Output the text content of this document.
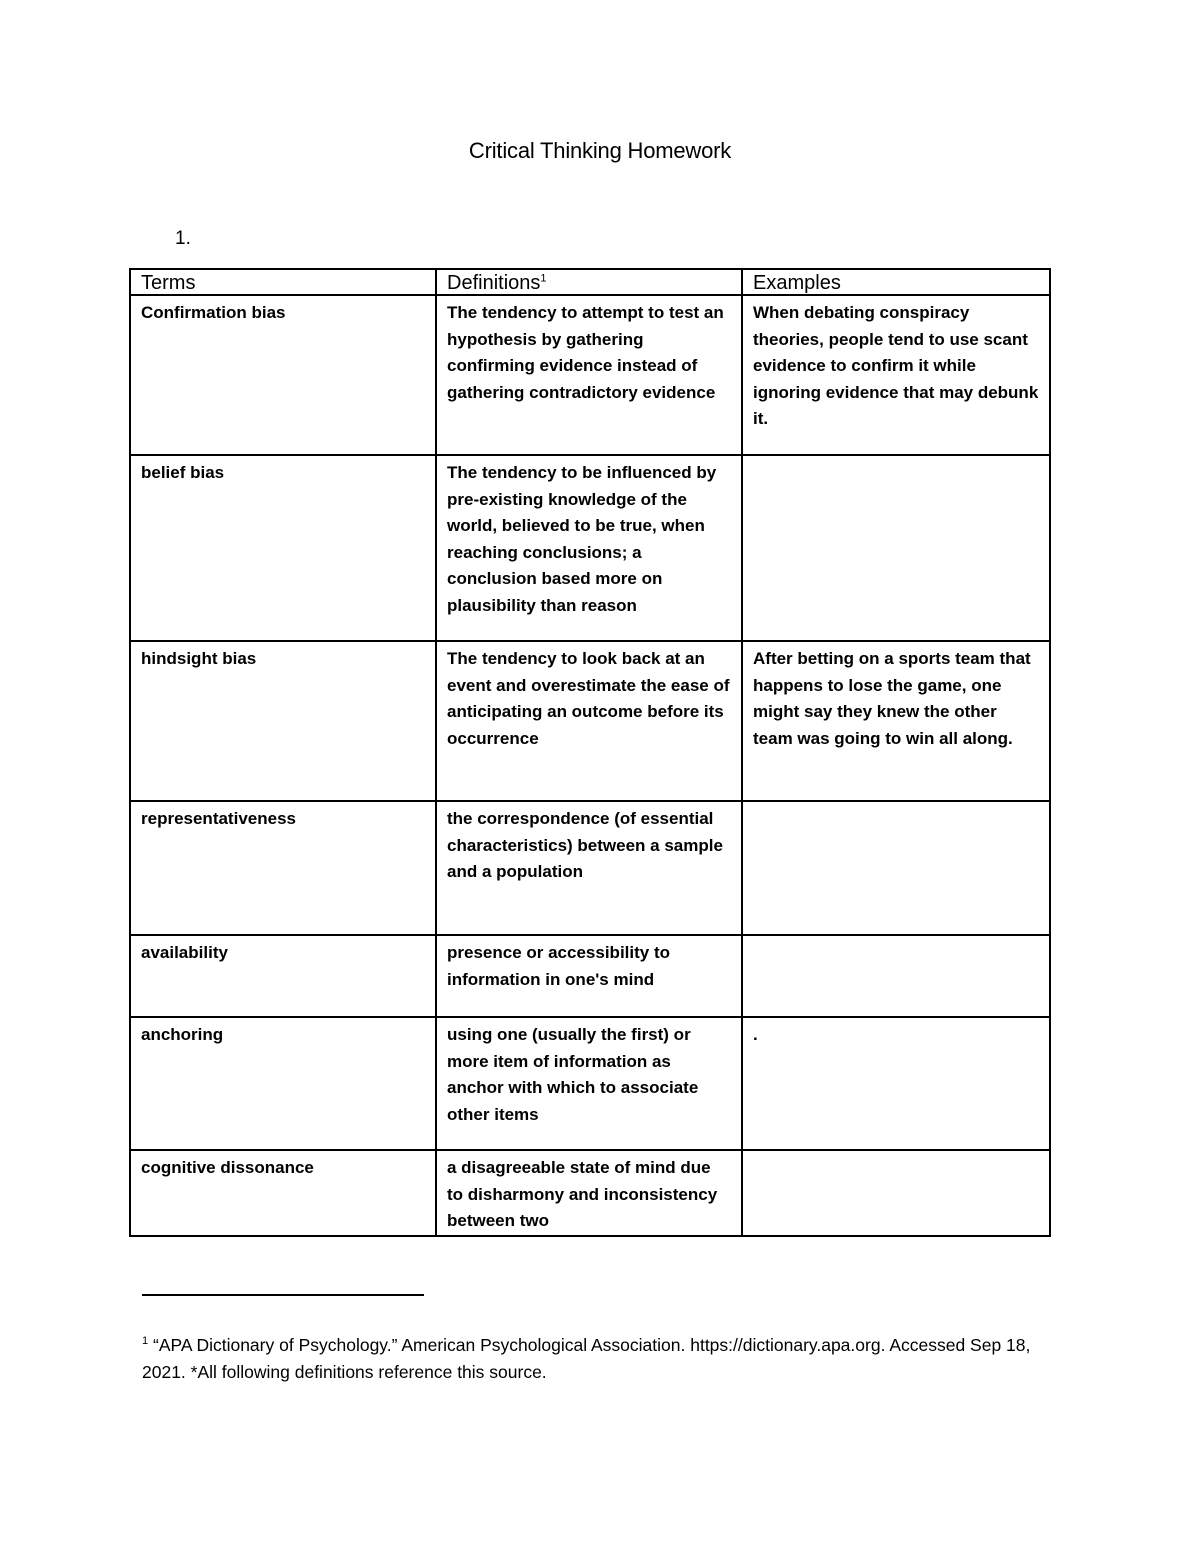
Critical Thinking Homework
1.
Terms	Definitions$^1$	Examples
Confirmation bias	The tendency to attempt to test an hypothesis by gathering confirming evidence instead of gathering contradictory evidence	When debating conspiracy theories, people tend to use scant evidence to confirm it while ignoring evidence that may debunk it.
belief bias	The tendency to be influenced by pre-existing knowledge of the world, believed to be true, when reaching conclusions; a conclusion based more on plausibility than reason	
hindsight bias	The tendency to look back at an event and overestimate the ease of anticipating an outcome before its occurrence	After betting on a sports team that happens to lose the game, one might say they knew the other team was going to win all along.
representativeness	the correspondence (of essential characteristics) between a sample and a population	
availability	presence or accessibility to information in one's mind	
anchoring	using one (usually the first) or more item of information as anchor with which to associate other items	.
cognitive dissonance	a disagreeable state of mind due to disharmony and inconsistency between two	
$^1$ “APA Dictionary of Psychology.” American Psychological Association. https://dictionary.apa.org. Accessed Sep 18, 2021. *All following definitions reference this source.
